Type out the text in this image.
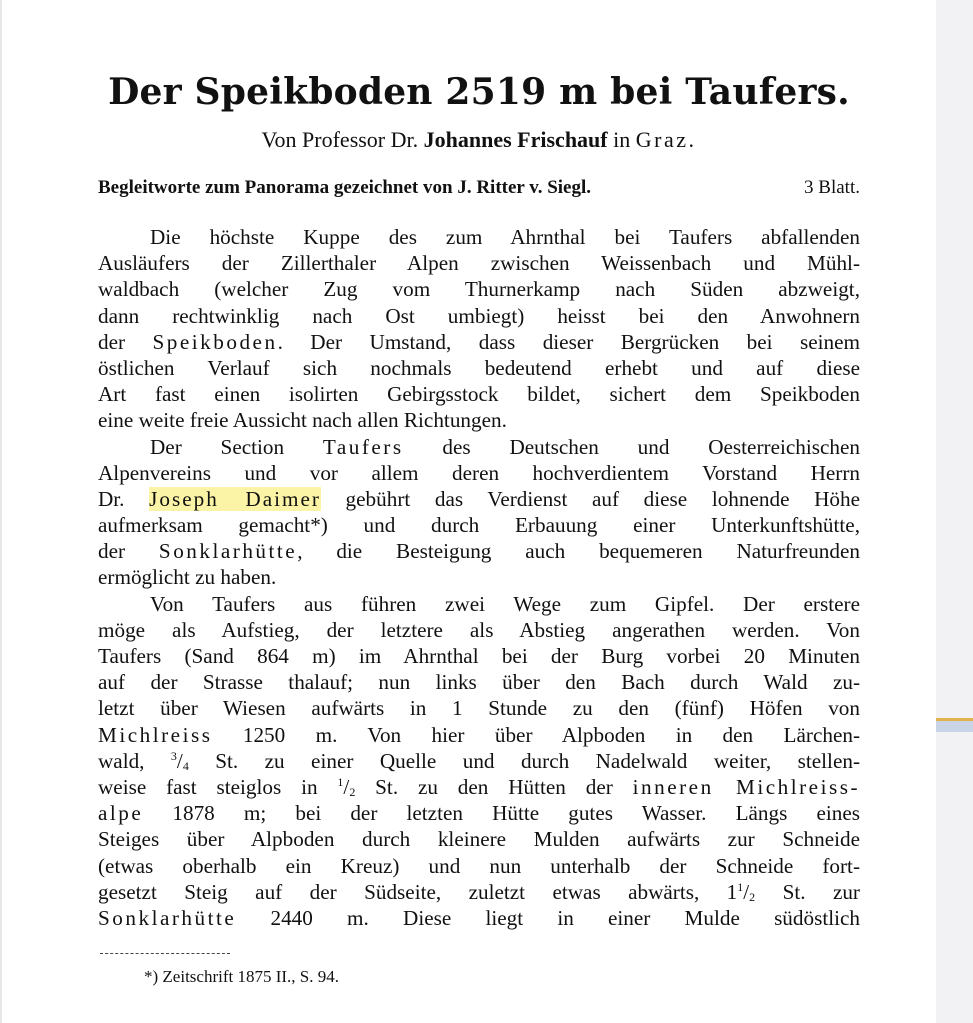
Der Speikboden 2519 m bei Taufers.
Von Professor Dr. Johannes Frischauf in Graz.
Begleitworte zum Panorama gezeichnet von J. Ritter v. Siegl.	3 Blatt.
Die höchste Kuppe des zum Ahrnthal bei Taufers abfallenden
Ausläufers der Zillerthaler Alpen zwischen Weissenbach und Mühl-
waldbach (welcher Zug vom Thurnerkamp nach Süden abzweigt,
dann rechtwinklig nach Ost umbiegt) heisst bei den Anwohnern
der Speikboden. Der Umstand, dass dieser Bergrücken bei seinem
östlichen Verlauf sich nochmals bedeutend erhebt und auf diese
Art fast einen isolirten Gebirgsstock bildet, sichert dem Speikboden
eine weite freie Aussicht nach allen Richtungen.
Der Section Taufers des Deutschen und Oesterreichischen
Alpenvereins und vor allem deren hochverdientem Vorstand Herrn
Dr. Joseph Daimer gebührt das Verdienst auf diese lohnende Höhe
aufmerksam gemacht*) und durch Erbauung einer Unterkunftshütte,
der Sonklarhütte, die Besteigung auch bequemeren Naturfreunden
ermöglicht zu haben.
Von Taufers aus führen zwei Wege zum Gipfel. Der erstere
möge als Aufstieg, der letztere als Abstieg angerathen werden. Von
Taufers (Sand 864 m) im Ahrnthal bei der Burg vorbei 20 Minuten
auf der Strasse thalauf; nun links über den Bach durch Wald zu-
letzt über Wiesen aufwärts in 1 Stunde zu den (fünf) Höfen von
Michlreiss 1250 m. Von hier über Alpboden in den Lärchen-
wald, $^3/_4$ St. zu einer Quelle und durch Nadelwald weiter, stellen-
weise fast steiglos in $^1/_2$ St. zu den Hütten der inneren Michlreiss-
alpe 1878 m; bei der letzten Hütte gutes Wasser. Längs eines
Steiges über Alpboden durch kleinere Mulden aufwärts zur Schneide
(etwas oberhalb ein Kreuz) und nun unterhalb der Schneide fort-
gesetzt Steig auf der Südseite, zuletzt etwas abwärts, $1^1/_2$ St. zur
Sonklarhütte 2440 m. Diese liegt in einer Mulde südöstlich
*) Zeitschrift 1875 II., S. 94.
